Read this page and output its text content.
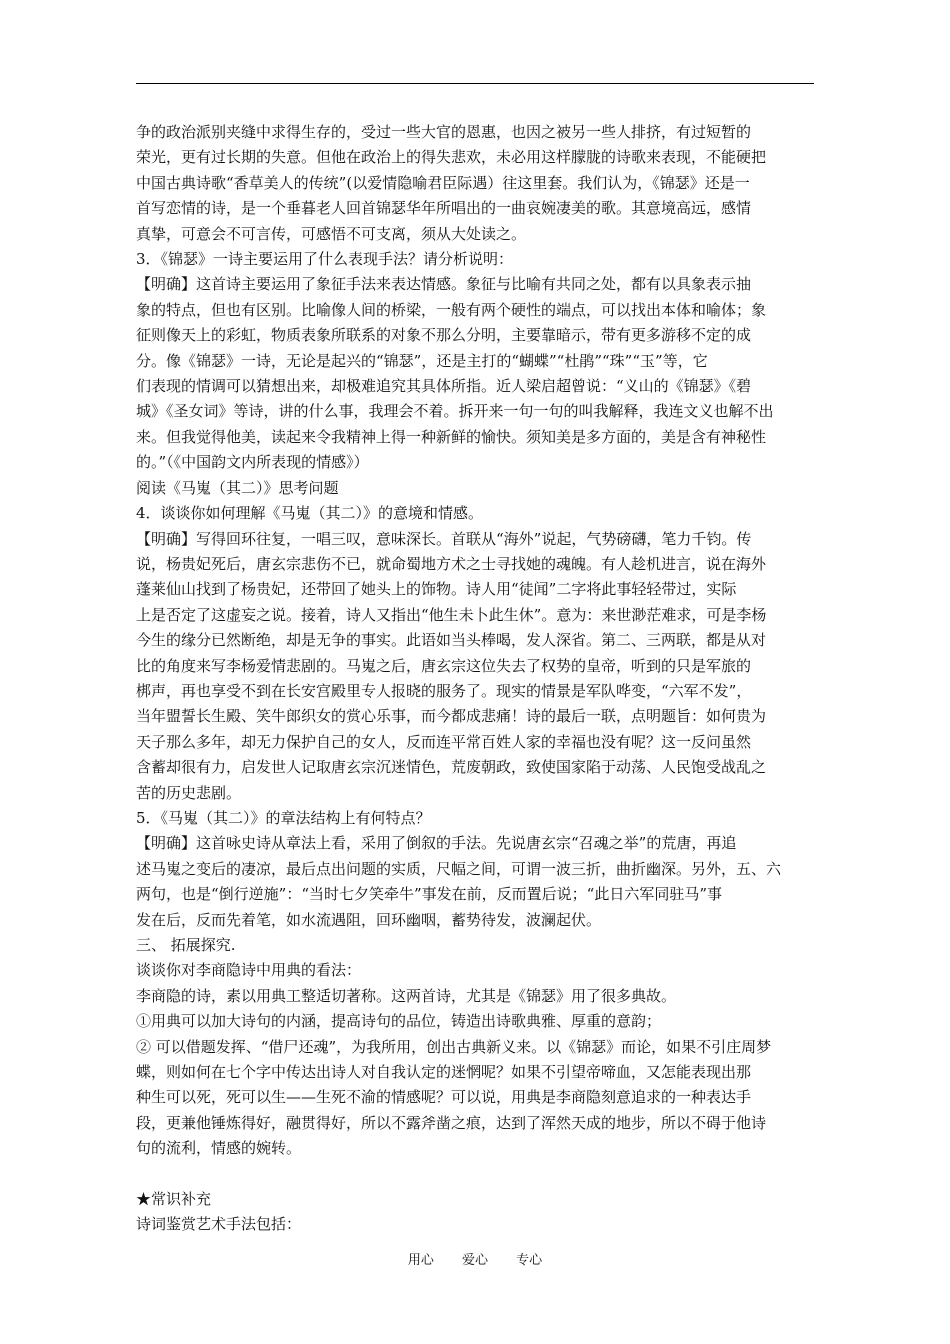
争的政治派别夹缝中求得生存的，受过一些大官的恩惠，也因之被另一些人排挤，有过短暂的

荣光，更有过长期的失意。但他在政治上的得失悲欢，未必用这样朦胧的诗歌来表现，不能硬把

中国古典诗歌“香草美人的传统”(以爱情隐喻君臣际遇）往这里套。我们认为，《锦瑟》还是一

首写恋情的诗，是一个垂暮老人回首锦瑟华年所唱出的一曲哀婉凄美的歌。其意境高远，感情

真挚，可意会不可言传，可感悟不可支离，须从大处读之。

3．《锦瑟》一诗主要运用了什么表现手法？请分析说明：

【明确】这首诗主要运用了象征手法来表达情感。象征与比喻有共同之处，都有以具象表示抽

象的特点，但也有区别。比喻像人间的桥梁，一般有两个硬性的端点，可以找出本体和喻体；象

征则像天上的彩虹，物质表象所联系的对象不那么分明，主要靠暗示，带有更多游移不定的成

分。像《锦瑟》一诗，无论是起兴的“锦瑟”，还是主打的“蝴蝶”“杜鹃”“珠”“玉”等，它

们表现的情调可以猜想出来，却极难追究其具体所指。近人梁启超曾说：“义山的《锦瑟》《碧

城》《圣女词》等诗，讲的什么事，我理会不着。拆开来一句一句的叫我解释，我连文义也解不出

来。但我觉得他美，读起来令我精神上得一种新鲜的愉快。须知美是多方面的，美是含有神秘性

的。”（《中国韵文内所表现的情感》）

阅读《马嵬（其二）》思考问题

4．谈谈你如何理解《马嵬（其二）》的意境和情感。

【明确】写得回环往复，一唱三叹，意味深长。首联从“海外”说起，气势磅礴，笔力千钧。传

说，杨贵妃死后，唐玄宗悲伤不已，就命蜀地方术之士寻找她的魂魄。有人趁机进言，说在海外

蓬莱仙山找到了杨贵妃，还带回了她头上的饰物。诗人用“徒闻”二字将此事轻轻带过，实际

上是否定了这虚妄之说。接着，诗人又指出“他生未卜此生休”。意为：来世渺茫难求，可是李杨

今生的缘分已然断绝，却是无争的事实。此语如当头棒喝，发人深省。第二、三两联，都是从对

比的角度来写李杨爱情悲剧的。马嵬之后，唐玄宗这位失去了权势的皇帝，听到的只是军旅的

梆声，再也享受不到在长安宫殿里专人报晓的服务了。现实的情景是军队哗变，“六军不发”，

当年盟誓长生殿、笑牛郎织女的赏心乐事，而今都成悲痛！诗的最后一联，点明题旨：如何贵为

天子那么多年，却无力保护自己的女人，反而连平常百姓人家的幸福也没有呢？这一反问虽然

含蓄却很有力，启发世人记取唐玄宗沉迷情色，荒废朝政，致使国家陷于动荡、人民饱受战乱之

苦的历史悲剧。

5．《马嵬（其二）》的章法结构上有何特点？

【明确】这首咏史诗从章法上看，采用了倒叙的手法。先说唐玄宗“召魂之举”的荒唐，再追

述马嵬之变后的凄凉，最后点出问题的实质，尺幅之间，可谓一波三折，曲折幽深。另外，五、六

两句，也是“倒行逆施”：“当时七夕笑牵牛”事发在前，反而置后说；“此日六军同驻马”事

发在后，反而先着笔，如水流遇阻，回环幽咽，蓄势待发，波澜起伏。

三、 拓展探究.

谈谈你对李商隐诗中用典的看法：

李商隐的诗，素以用典工整适切著称。这两首诗，尤其是《锦瑟》用了很多典故。

①用典可以加大诗句的内涵，提高诗句的品位，铸造出诗歌典雅、厚重的意韵；

② 可以借题发挥、“借尸还魂”，为我所用，创出古典新义来。以《锦瑟》而论，如果不引庄周梦

蝶，则如何在七个字中传达出诗人对自我认定的迷惘呢？如果不引望帝啼血，又怎能表现出那

种生可以死，死可以生——生死不渝的情感呢？可以说，用典是李商隐刻意追求的一种表达手

段，更兼他锤炼得好，融贯得好，所以不露斧凿之痕，达到了浑然天成的地步，所以不碍于他诗

句的流利，情感的婉转。

★常识补充

诗词鉴赏艺术手法包括：

用心 爱心 专心
